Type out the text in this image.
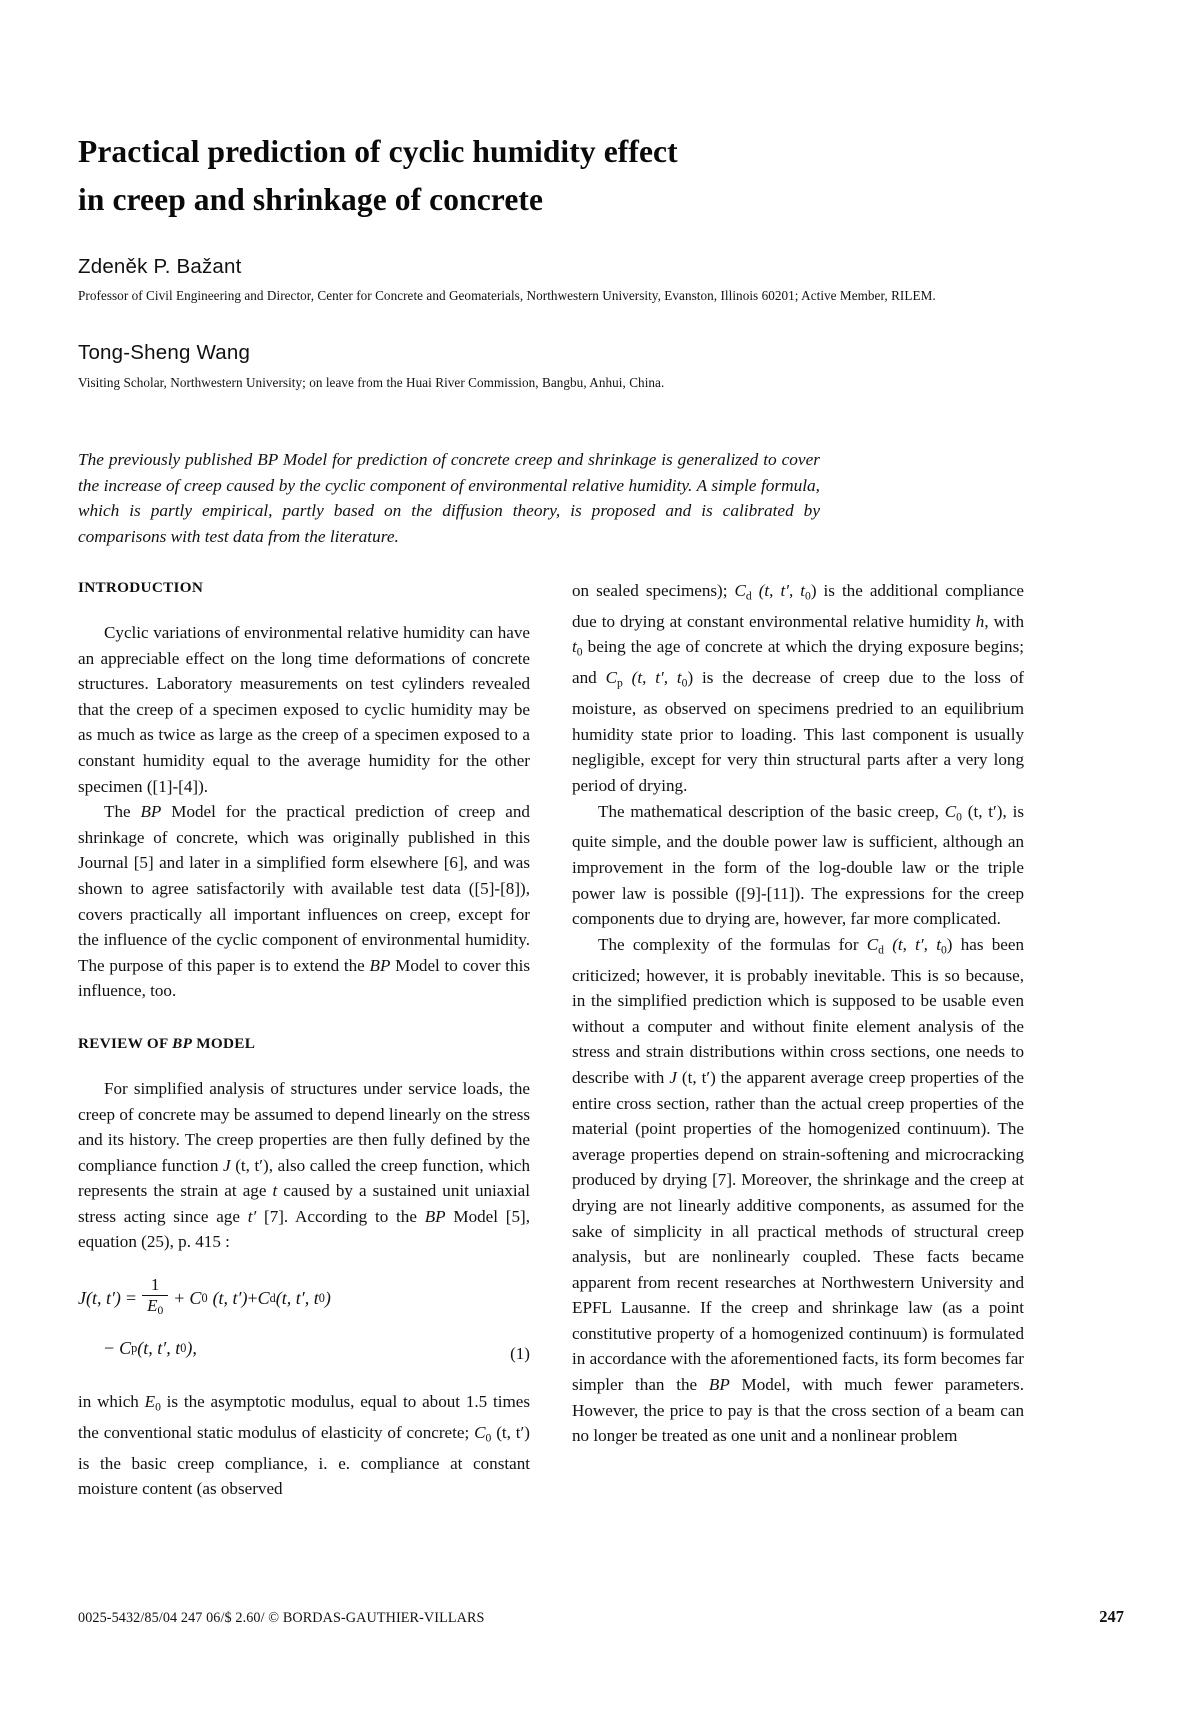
Practical prediction of cyclic humidity effect
in creep and shrinkage of concrete
Zdeněk P. Bažant
Professor of Civil Engineering and Director, Center for Concrete and Geomaterials, Northwestern University, Evanston, Illinois 60201; Active Member, RILEM.
Tong-Sheng Wang
Visiting Scholar, Northwestern University; on leave from the Huai River Commission, Bangbu, Anhui, China.
The previously published BP Model for prediction of concrete creep and shrinkage is generalized to cover the increase of creep caused by the cyclic component of environmental relative humidity. A simple formula, which is partly empirical, partly based on the diffusion theory, is proposed and is calibrated by comparisons with test data from the literature.
INTRODUCTION

Cyclic variations of environmental relative humidity can have an appreciable effect on the long time deformations of concrete structures. Laboratory measurements on test cylinders revealed that the creep of a specimen exposed to cyclic humidity may be as much as twice as large as the creep of a specimen exposed to a constant humidity equal to the average humidity for the other specimen ([1]-[4]).

The BP Model for the practical prediction of creep and shrinkage of concrete, which was originally published in this Journal [5] and later in a simplified form elsewhere [6], and was shown to agree satisfactorily with available test data ([5]-[8]), covers practically all important influences on creep, except for the influence of the cyclic component of environmental humidity. The purpose of this paper is to extend the BP Model to cover this influence, too.

REVIEW OF BP MODEL

For simplified analysis of structures under service loads, the creep of concrete may be assumed to depend linearly on the stress and its history. The creep properties are then fully defined by the compliance function J (t, t′), also called the creep function, which represents the strain at age t caused by a sustained unit uniaxial stress acting since age t′ [7]. According to the BP Model [5], equation (25), p. 415 :

J (t, $t') = \frac{1}{E_0} + C$ 0 (t, t′) + C d (t, t′, t 0 )
− C p (t, t′, t 0 ),	(1)

in which $E_0$ is the asymptotic modulus, equal to about 1.5 times the conventional static modulus of elasticity of concrete; $C_0$ (t, t′) is the basic creep compliance, i. e. compliance at constant moisture content (as observed

on sealed specimens); $C_d$ (t, t′, $t_0$) is the additional compliance due to drying at constant environmental relative humidity h, with $t_0$ being the age of concrete at which the drying exposure begins; and $C_p$ (t, t′, $t_0$) is the decrease of creep due to the loss of moisture, as observed on specimens predried to an equilibrium humidity state prior to loading. This last component is usually negligible, except for very thin structural parts after a very long period of drying.

The mathematical description of the basic creep, $C_0$ (t, t′), is quite simple, and the double power law is sufficient, although an improvement in the form of the log-double law or the triple power law is possible ([9]-[11]). The expressions for the creep components due to drying are, however, far more complicated.

The complexity of the formulas for $C_d$ (t, t′, $t_0$) has been criticized; however, it is probably inevitable. This is so because, in the simplified prediction which is supposed to be usable even without a computer and without finite element analysis of the stress and strain distributions within cross sections, one needs to describe with J (t, t′) the apparent average creep properties of the entire cross section, rather than the actual creep properties of the material (point properties of the homogenized continuum). The average properties depend on strain-softening and microcracking produced by drying [7]. Moreover, the shrinkage and the creep at drying are not linearly additive components, as assumed for the sake of simplicity in all practical methods of structural creep analysis, but are nonlinearly coupled. These facts became apparent from recent researches at Northwestern University and EPFL Lausanne. If the creep and shrinkage law (as a point constitutive property of a homogenized continuum) is formulated in accordance with the aforementioned facts, its form becomes far simpler than the BP Model, with much fewer parameters. However, the price to pay is that the cross section of a beam can no longer be treated as one unit and a nonlinear problem

0025-5432/85/04 247 06/$ 2.60/ © BORDAS-GAUTHIER-VILLARS	247
